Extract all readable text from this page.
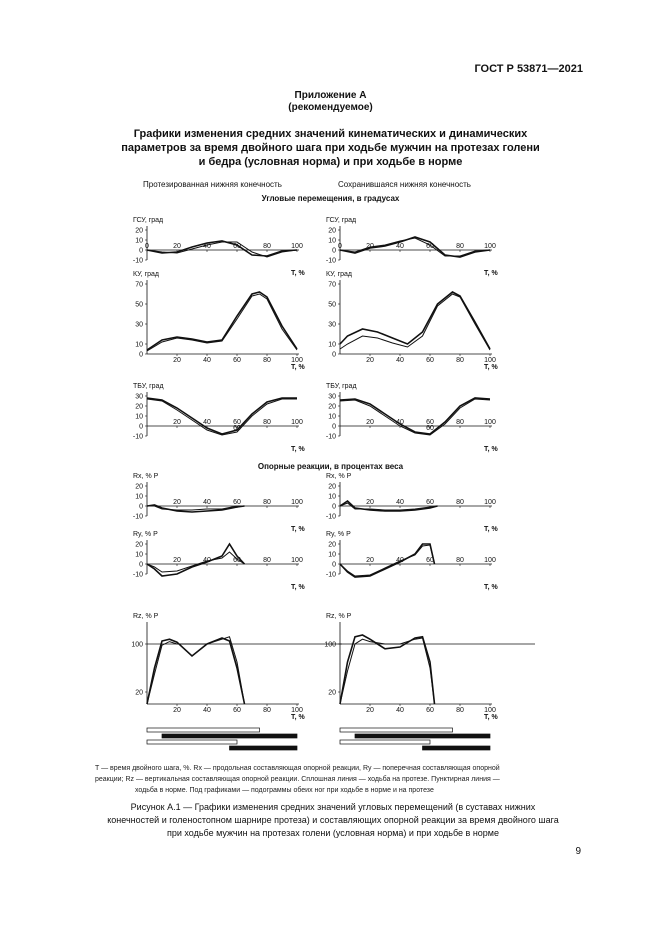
ГОСТ Р 53871—2021
Приложение А
(рекомендуемое)
Графики изменения средних значений кинематических и динамических
параметров за время двойного шага при ходьбе мужчин на протезах голени
и бедра (условная норма) и при ходьбе в норме
Протезированная нижняя конечность	Сохранившаяся нижняя конечность
Угловые перемещения, в градусах
Опорные реакции, в процентах веса
ГСУ, град
20
10
0
-10
0	20	40	60	80	100
Т, %
ГСУ, град
20
10
0
-10
0	20	40	60	80	100
Т, %
КУ, град
70
50
30
10
0
20	40	60	80	100
Т, %
КУ, град
70
50
30
10
0
20	40	60	80	100
Т, %
ТБУ, град
30
20
10
0
-10
20	40	60	80	100
Т, %
60
ТБУ, град
30
20
10
0
-10
20	40	60	80	100
Т, %
60
Rx, % P
20
10
0
-10
20	40	60	80	100
Т, %
Rx, % P
20
10
0
-10
20	40	60	80	100
Т, %
Ry, % P
20
10
0
-10
20	40	60	80	100
Т, %
Ry, % P
20
10
0
-10
20	40	60	80	100
Т, %
Rz, % P
100
20
20	40	60	80	100
Т, %
Rz, % P
100
20
20	40	60	80	100
Т, %
T — время двойного шага, %. Rx — продольная составляющая опорной реакции, Ry — поперечная составляющая опорной
реакции; Rz — вертикальная составляющая опорной реакции. Сплошная линия — ходьба на протезе. Пунктирная линия —
ходьба в норме. Под графиками — подограммы обеих ног при ходьбе в норме и на протезе
Рисунок А.1 — Графики изменения средних значений угловых перемещений (в суставах нижних
конечностей и голеностопном шарнире протеза) и составляющих опорной реакции за время двойного шага
при ходьбе мужчин на протезах голени (условная норма) и при ходьбе в норме
9
